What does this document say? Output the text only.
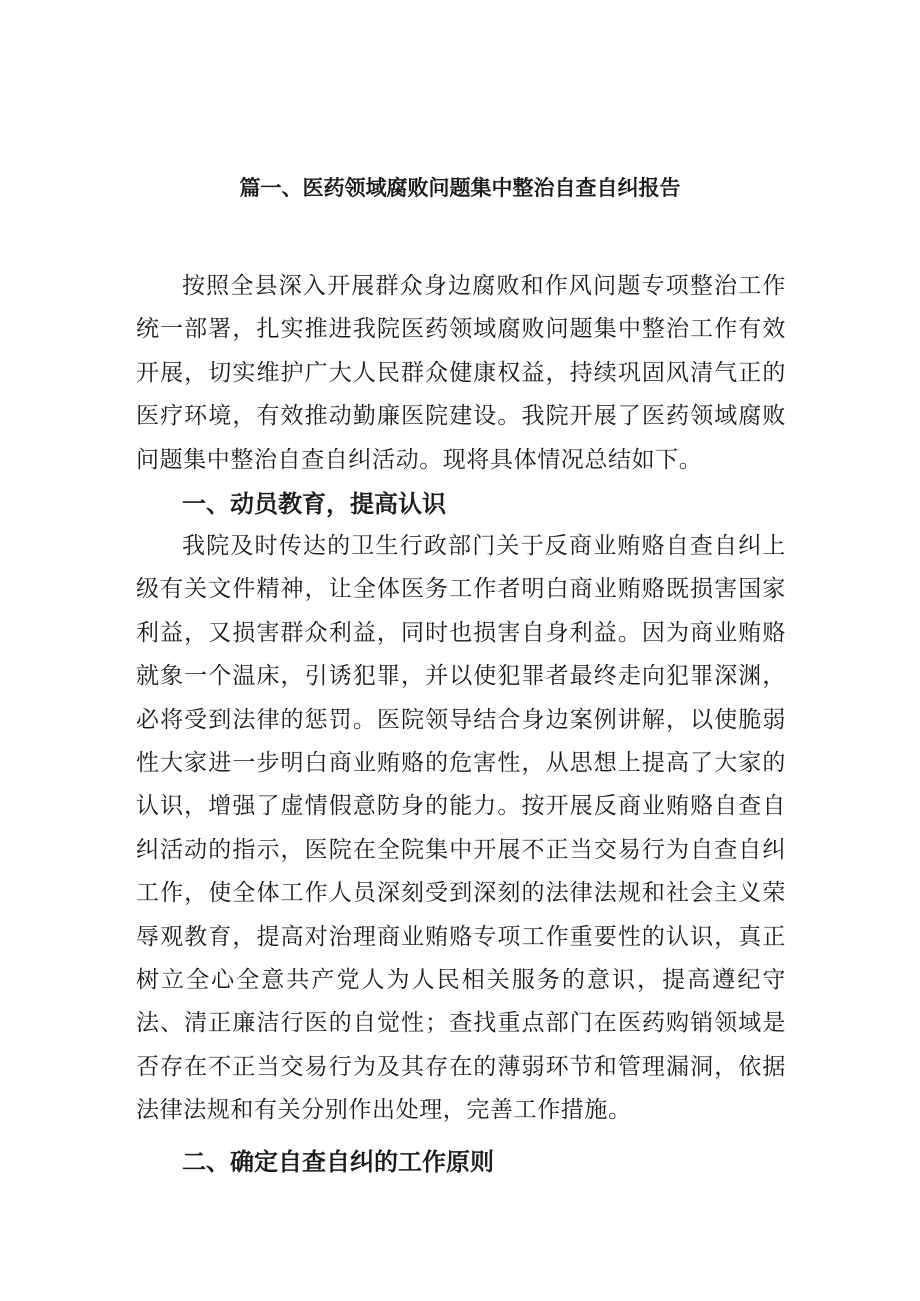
篇一、医药领域腐败问题集中整治自查自纠报告

按照全县深入开展群众身边腐败和作风问题专项整治工作统一部署，扎实推进我院医药领域腐败问题集中整治工作有效开展，切实维护广大人民群众健康权益，持续巩固风清气正的医疗环境，有效推动勤廉医院建设。我院开展了医药领域腐败问题集中整治自查自纠活动。现将具体情况总结如下。

一、动员教育，提高认识

我院及时传达的卫生行政部门关于反商业贿赂自查自纠上级有关文件精神，让全体医务工作者明白商业贿赂既损害国家利益，又损害群众利益，同时也损害自身利益。因为商业贿赂就象一个温床，引诱犯罪，并以使犯罪者最终走向犯罪深渊，必将受到法律的惩罚。医院领导结合身边案例讲解，以使脆弱性大家进一步明白商业贿赂的危害性，从思想上提高了大家的认识，增强了虚情假意防身的能力。按开展反商业贿赂自查自纠活动的指示，医院在全院集中开展不正当交易行为自查自纠工作，使全体工作人员深刻受到深刻的法律法规和社会主义荣辱观教育，提高对治理商业贿赂专项工作重要性的认识，真正树立全心全意共产党人为人民相关服务的意识，提高遵纪守法、清正廉洁行医的自觉性；查找重点部门在医药购销领域是否存在不正当交易行为及其存在的薄弱环节和管理漏洞，依据法律法规和有关分别作出处理，完善工作措施。

二、确定自查自纠的工作原则
